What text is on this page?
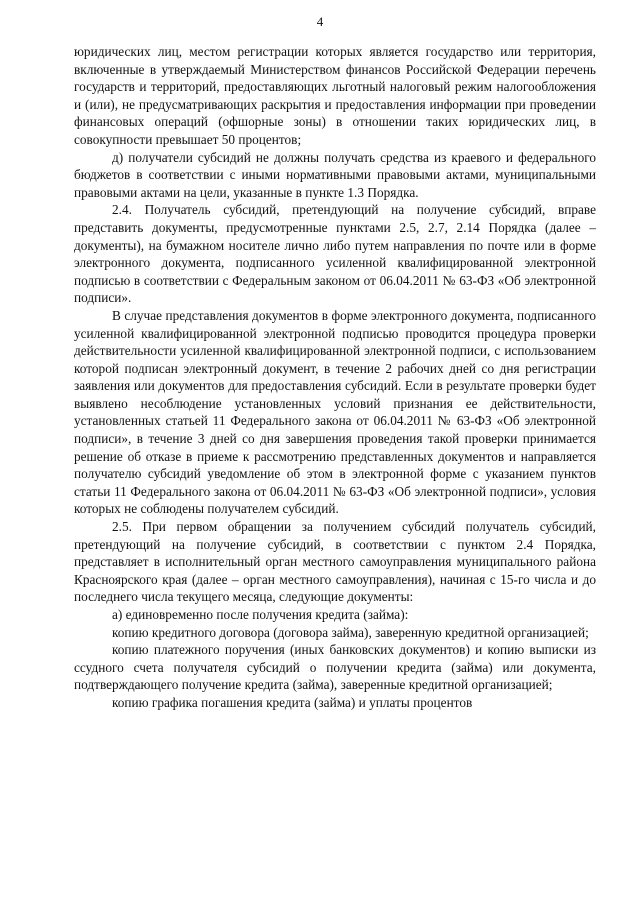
4

юридических лиц, местом регистрации которых является государство или территория, включенные в утверждаемый Министерством финансов Российской Федерации перечень государств и территорий, предоставляющих льготный налоговый режим налогообложения и (или), не предусматривающих раскрытия и предоставления информации при проведении финансовых операций (офшорные зоны) в отношении таких юридических лиц, в совокупности превышает 50 процентов;

д) получатели субсидий не должны получать средства из краевого и федерального бюджетов в соответствии с иными нормативными правовыми актами, муниципальными правовыми актами на цели, указанные в пункте 1.3 Порядка.

2.4. Получатель субсидий, претендующий на получение субсидий, вправе представить документы, предусмотренные пунктами 2.5, 2.7, 2.14 Порядка (далее – документы), на бумажном носителе лично либо путем направления по почте или в форме электронного документа, подписанного усиленной квалифицированной электронной подписью в соответствии с Федеральным законом от 06.04.2011 № 63-ФЗ «Об электронной подписи».

В случае представления документов в форме электронного документа, подписанного усиленной квалифицированной электронной подписью проводится процедура проверки действительности усиленной квалифицированной электронной подписи, с использованием которой подписан электронный документ, в течение 2 рабочих дней со дня регистрации заявления или документов для предоставления субсидий. Если в результате проверки будет выявлено несоблюдение установленных условий признания ее действительности, установленных статьей 11 Федерального закона от 06.04.2011 № 63-ФЗ «Об электронной подписи», в течение 3 дней со дня завершения проведения такой проверки принимается решение об отказе в приеме к рассмотрению представленных документов и направляется получателю субсидий уведомление об этом в электронной форме с указанием пунктов статьи 11 Федерального закона от 06.04.2011 № 63-ФЗ «Об электронной подписи», условия которых не соблюдены получателем субсидий.

2.5. При первом обращении за получением субсидий получатель субсидий, претендующий на получение субсидий, в соответствии с пунктом 2.4 Порядка, представляет в исполнительный орган местного самоуправления муниципального района Красноярского края (далее – орган местного самоуправления), начиная с 15-го числа и до последнего числа текущего месяца, следующие документы:

а) единовременно после получения кредита (займа):

копию кредитного договора (договора займа), заверенную кредитной организацией;

копию платежного поручения (иных банковских документов) и копию выписки из ссудного счета получателя субсидий о получении кредита (займа) или документа, подтверждающего получение кредита (займа), заверенные кредитной организацией;

копию графика погашения кредита (займа) и уплаты процентов
